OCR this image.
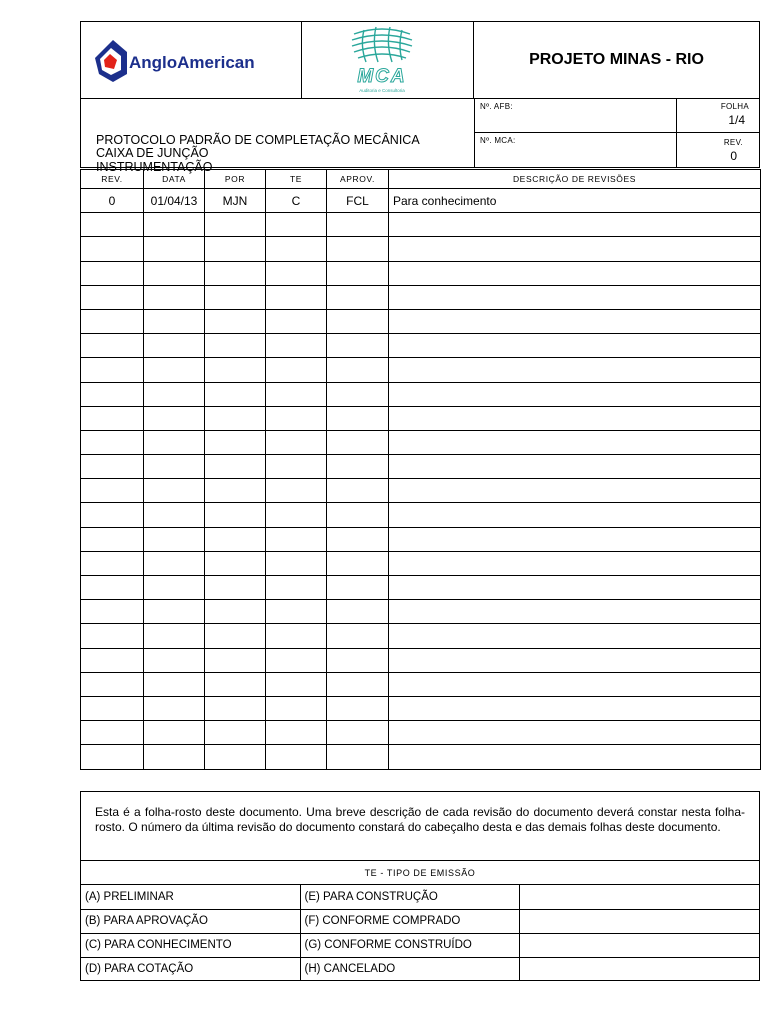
AngloAmerican
MCA
Auditoria e Consultoria
PROJETO MINAS - RIO
PROTOCOLO PADRÃO DE COMPLETAÇÃO MECÂNICA
CAIXA DE JUNÇÃO
INSTRUMENTAÇÃO
Nº. AFB:	FOLHA
1/4
Nº. MCA:	REV.
0
REV.	DATA	POR	TE	APROV.	DESCRIÇÃO DE REVISÕES
0	01/04/13	MJN	C	FCL	Para conhecimento

Esta é a folha-rosto deste documento. Uma breve descrição de cada revisão do documento deverá constar nesta folha-rosto. O número da última revisão do documento constará do cabeçalho desta e das demais folhas deste documento.
TE - TIPO DE EMISSÃO
(A) PRELIMINAR	(E) PARA CONSTRUÇÃO	
(B) PARA APROVAÇÃO	(F) CONFORME COMPRADO	
(C) PARA CONHECIMENTO	(G) CONFORME CONSTRUÍDO	
(D) PARA COTAÇÃO	(H) CANCELADO	
